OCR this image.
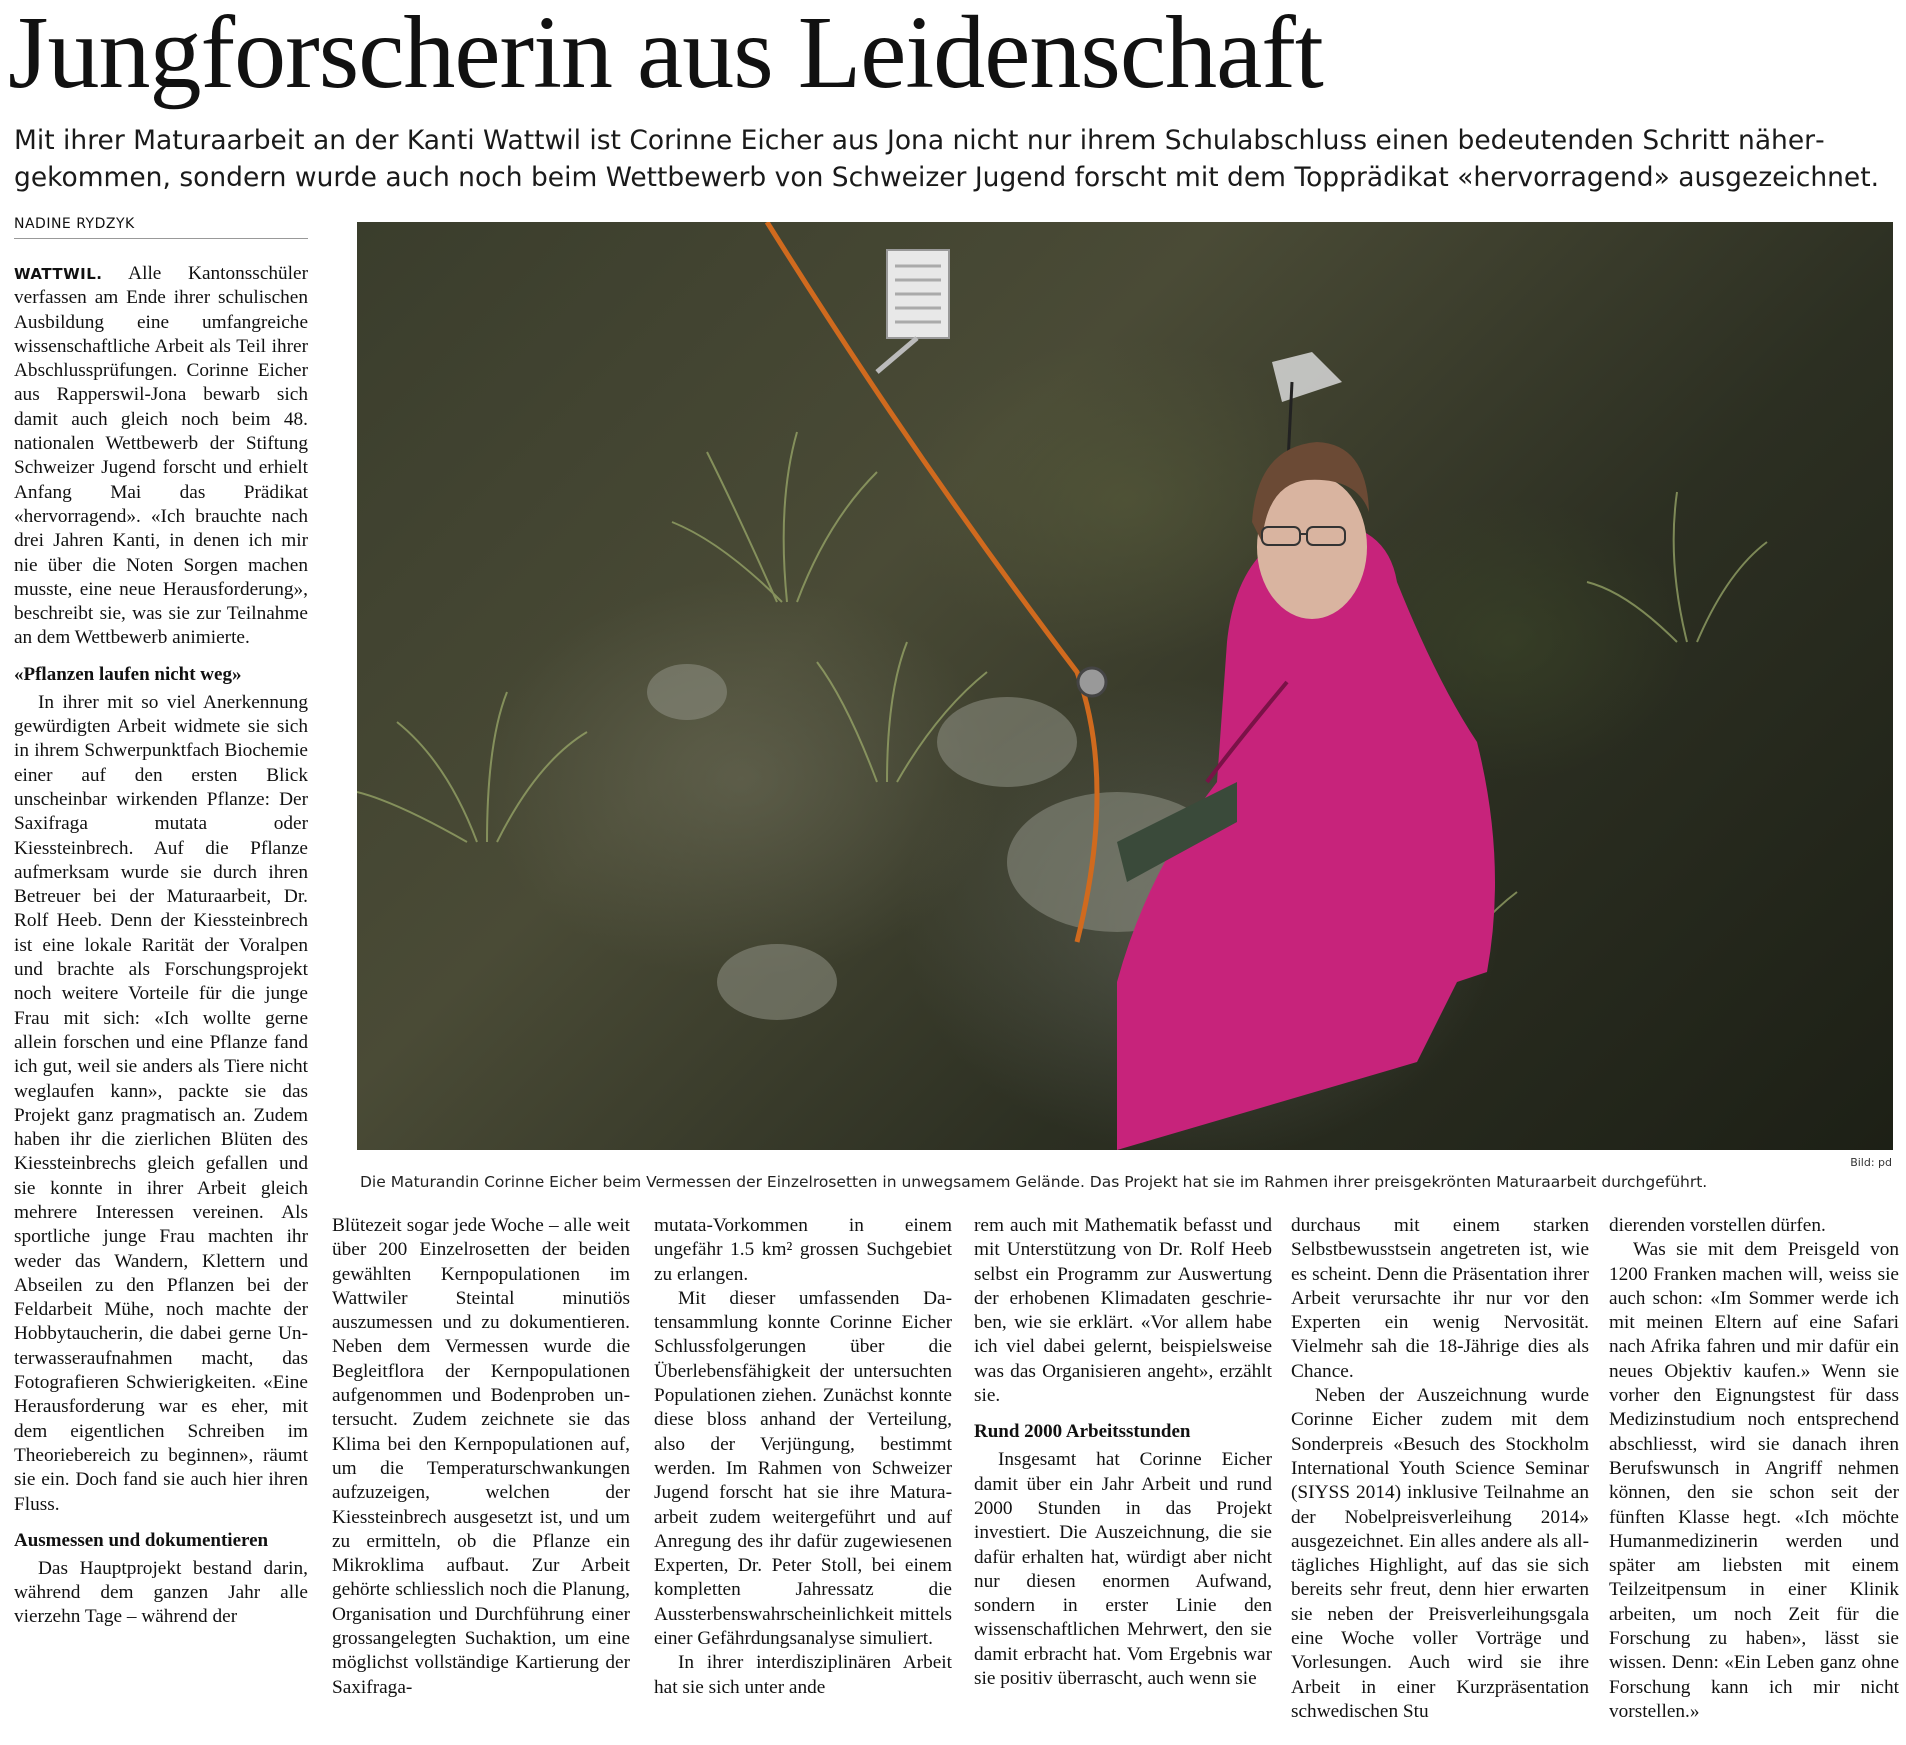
Jungforscherin aus Leidenschaft

Mit ihrer Maturaarbeit an der Kanti Wattwil ist Corinne Eicher aus Jona nicht nur ihrem Schulabschluss einen bedeutenden Schritt nähergekommen, sondern wurde auch noch beim Wettbewerb von Schweizer Jugend forscht mit dem Topprädikat «hervorragend» ausgezeichnet.

NADINE RYDZYK
Bild: pd
Die Maturandin Corinne Eicher beim Vermessen der Einzelrosetten in unwegsamem Gelände. Das Projekt hat sie im Rahmen ihrer preisgekrönten Maturaarbeit durchgeführt.

WATTWIL. Alle Kantonsschüler verfassen am Ende ihrer schulischen Ausbildung eine umfangreiche wissenschaftliche Arbeit als Teil ihrer Abschlussprüfungen. Corinne Eicher aus Rapperswil-Jona bewarb sich damit auch gleich noch beim 48. nationalen Wettbewerb der Stiftung Schweizer Jugend forscht und erhielt Anfang Mai das Prädikat «hervorragend». «Ich brauchte nach drei Jahren Kanti, in denen ich mir nie über die Noten Sorgen machen musste, eine neue Herausforderung», beschreibt sie, was sie zur Teilnahme an dem Wettbewerb animierte.

«Pflanzen laufen nicht weg»

In ihrer mit so viel Anerkennung gewürdigten Arbeit widmete sie sich in ihrem Schwerpunktfach Biochemie einer auf den ersten Blick unscheinbar wirkenden Pflanze: Der Saxifraga mutata oder Kiessteinbrech. Auf die Pflanze aufmerksam wurde sie durch ihren Betreuer bei der Maturaarbeit, Dr. Rolf Heeb. Denn der Kiessteinbrech ist eine lokale Rarität der Voralpen und brachte als Forschungsprojekt noch weitere Vorteile für die junge Frau mit sich: «Ich wollte gerne allein forschen und eine Pflanze fand ich gut, weil sie anders als Tiere nicht weglaufen kann», packte sie das Projekt ganz pragmatisch an. Zudem haben ihr die zierlichen Blüten des Kiessteinbrechs gleich gefallen und sie konnte in ihrer Arbeit gleich mehrere Interessen vereinen. Als sportliche junge Frau machten ihr weder das Wandern, Klettern und Abseilen zu den Pflanzen bei der Feldarbeit Mühe, noch machte der Hobbytaucherin, die dabei gerne Unterwasseraufnahmen macht, das Fotografieren Schwierigkeiten. «Eine Herausforderung war es eher, mit dem eigentlichen Schreiben im Theoriebereich zu beginnen», räumt sie ein. Doch fand sie auch hier ihren Fluss.

Ausmessen und dokumentieren

Das Hauptprojekt bestand darin, während dem ganzen Jahr alle vierzehn Tage – während der

Blütezeit sogar jede Woche – alle weit über 200 Einzelrosetten der beiden gewählten Kernpopulationen im Wattwiler Steintal minutiös auszumessen und zu dokumentieren. Neben dem Vermessen wurde die Begleitflora der Kernpopulationen aufgenommen und Bodenproben untersucht. Zudem zeichnete sie das Klima bei den Kernpopulationen auf, um die Temperaturschwankungen aufzuzeigen, welchen der Kiessteinbrech ausgesetzt ist, und um zu ermitteln, ob die Pflanze ein Mikroklima aufbaut. Zur Arbeit gehörte schliesslich noch die Planung, Organisation und Durchführung einer grossangelegten Suchaktion, um eine möglichst vollständige Kartierung der Saxifraga-

mutata-Vorkommen in einem ungefähr 1.5 km² grossen Suchgebiet zu erlangen.

Mit dieser umfassenden Datensammlung konnte Corinne Eicher Schlussfolgerungen über die Überlebensfähigkeit der untersuchten Populationen ziehen. Zunächst konnte diese bloss anhand der Verteilung, also der Verjüngung, bestimmt werden. Im Rahmen von Schweizer Jugend forscht hat sie ihre Maturaarbeit zudem weitergeführt und auf Anregung des ihr dafür zugewiesenen Experten, Dr. Peter Stoll, bei einem kompletten Jahressatz die Aussterbenswahrscheinlichkeit mittels einer Gefährdungsanalyse simuliert.

In ihrer interdisziplinären Arbeit hat sie sich unter ande

rem auch mit Mathematik befasst und mit Unterstützung von Dr. Rolf Heeb selbst ein Programm zur Auswertung der erhobenen Klimadaten geschrieben, wie sie erklärt. «Vor allem habe ich viel dabei gelernt, beispielsweise was das Organisieren angeht», erzählt sie.

Rund 2000 Arbeitsstunden

Insgesamt hat Corinne Eicher damit über ein Jahr Arbeit und rund 2000 Stunden in das Projekt investiert. Die Auszeichnung, die sie dafür erhalten hat, würdigt aber nicht nur diesen enormen Aufwand, sondern in erster Linie den wissenschaftlichen Mehrwert, den sie damit erbracht hat. Vom Ergebnis war sie positiv überrascht, auch wenn sie

durchaus mit einem starken Selbstbewusstsein angetreten ist, wie es scheint. Denn die Präsentation ihrer Arbeit verursachte ihr nur vor den Experten ein wenig Nervosität. Vielmehr sah die 18-Jährige dies als Chance.

Neben der Auszeichnung wurde Corinne Eicher zudem mit dem Sonderpreis «Besuch des Stockholm International Youth Science Seminar (SIYSS 2014) inklusive Teilnahme an der Nobelpreisverleihung 2014» ausgezeichnet. Ein alles andere als alltägliches Highlight, auf das sie sich bereits sehr freut, denn hier erwarten sie neben der Preisverleihungsgala eine Woche voller Vorträge und Vorlesungen. Auch wird sie ihre Arbeit in einer Kurzpräsentation schwedischen Stu

dierenden vorstellen dürfen.

Was sie mit dem Preisgeld von 1200 Franken machen will, weiss sie auch schon: «Im Sommer werde ich mit meinen Eltern auf eine Safari nach Afrika fahren und mir dafür ein neues Objektiv kaufen.» Wenn sie vorher den Eignungstest für dass Medizinstudium noch entsprechend abschliesst, wird sie danach ihren Berufswunsch in Angriff nehmen können, den sie schon seit der fünften Klasse hegt. «Ich möchte Humanmedizinerin werden und später am liebsten mit einem Teilzeitpensum in einer Klinik arbeiten, um noch Zeit für die Forschung zu haben», lässt sie wissen. Denn: «Ein Leben ganz ohne Forschung kann ich mir nicht vorstellen.»
